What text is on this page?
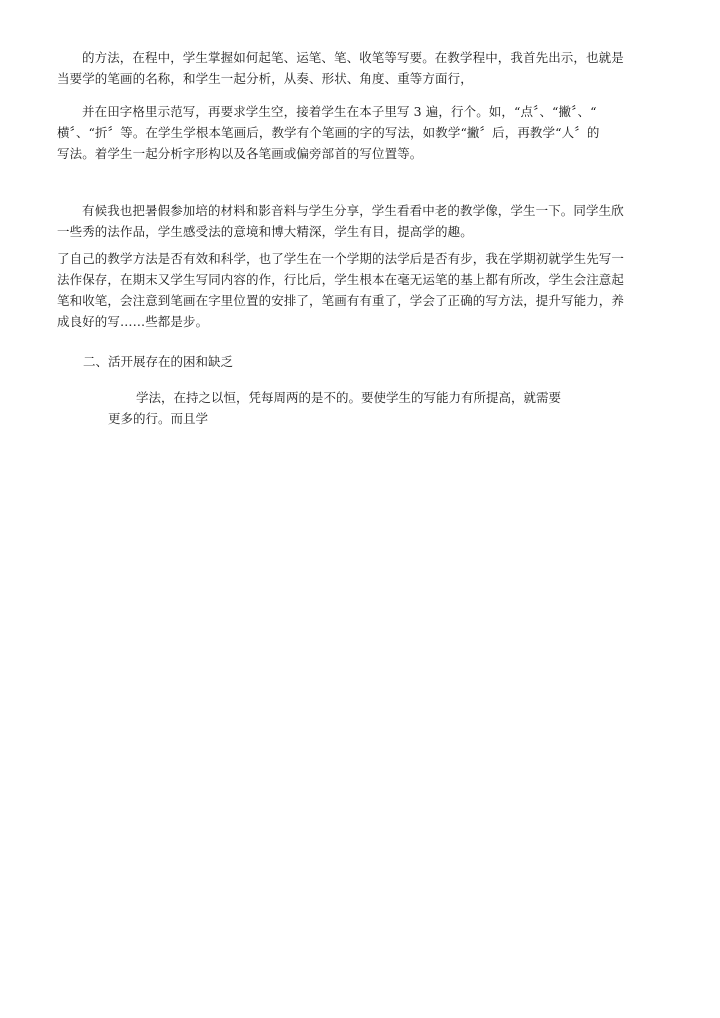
的方法，在程中，学生掌握如何起笔、运笔、笔、收笔等写要。在教学程中，我首先出示，也就是
当要学的笔画的名称，和学生一起分析，从奏、形状、角度、重等方面行，

并在田字格里示范写，再要求学生空，接着学生在本子里写 3 遍，行个。如，“点〞、“撇〞、“
横〞、“折〞等。在学生学根本笔画后，教学有个笔画的字的写法，如教学“撇〞后，再教学“人〞的
写法。着学生一起分析字形构以及各笔画或偏旁部首的写位置等。

有候我也把暑假参加培的材料和影音料与学生分享，学生看看中老的教学像，学生一下。同学生欣
一些秀的法作品，学生感受法的意境和博大精深，学生有目，提高学的趣。

了自己的教学方法是否有效和科学，也了学生在一个学期的法学后是否有步，我在学期初就学生先写一
法作保存，在期末又学生写同内容的作，行比后，学生根本在毫无运笔的基上都有所改，学生会注意起
笔和收笔，会注意到笔画在字里位置的安排了，笔画有有重了，学会了正确的写方法，提升写能力，养
成良好的写……些都是步。

二、活开展存在的困和缺乏

学法，在持之以恒，凭每周两的是不的。要使学生的写能力有所提高，就需要
更多的行。而且学
